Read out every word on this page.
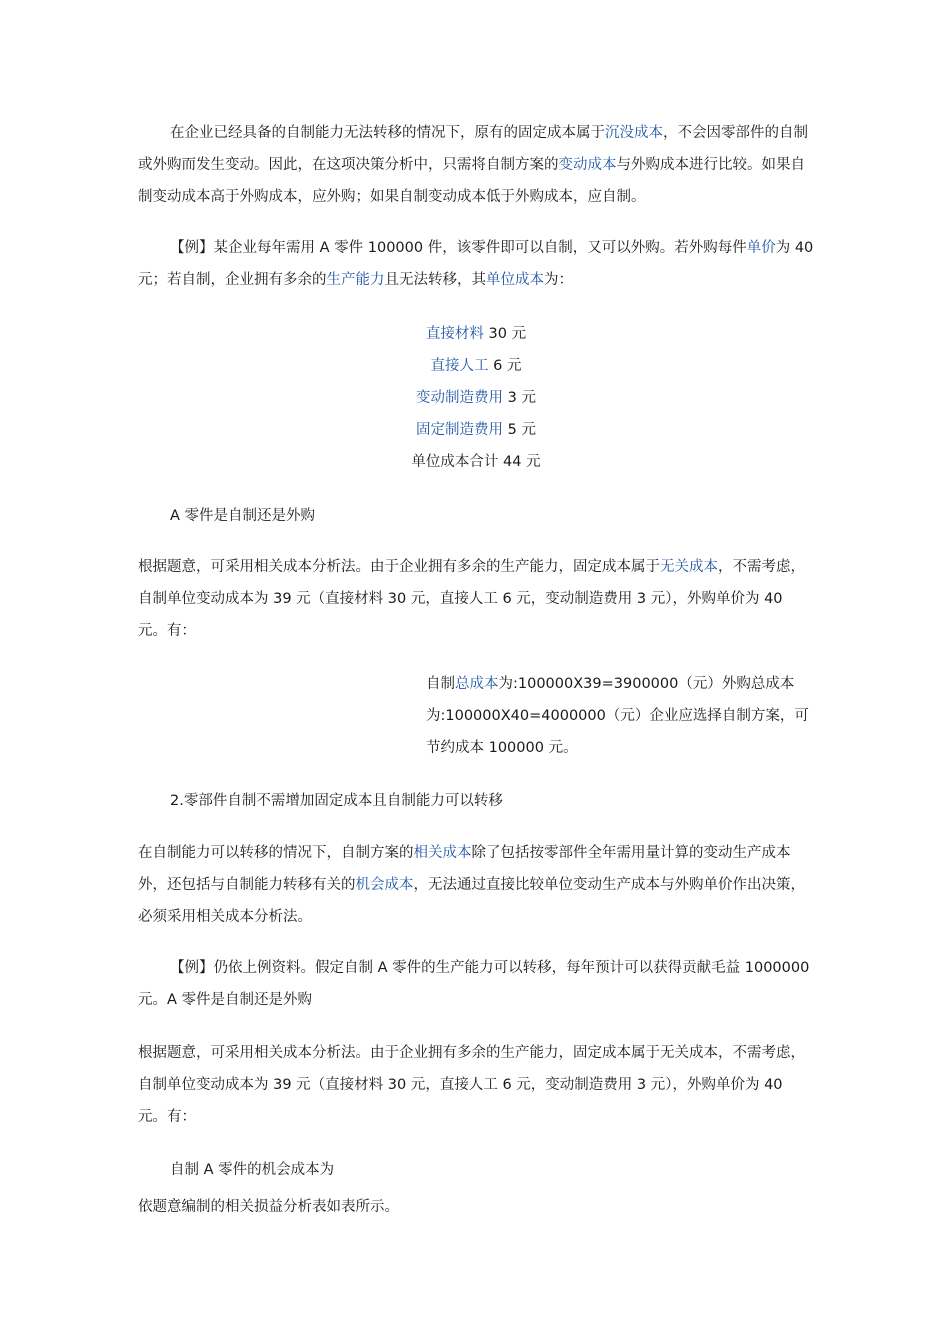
在企业已经具备的自制能力无法转移的情况下，原有的固定成本属于沉没成本，不会因零部件的自制或外购而发生变动。因此，在这项决策分析中，只需将自制方案的变动成本与外购成本进行比较。如果自制变动成本高于外购成本，应外购；如果自制变动成本低于外购成本，应自制。

【例】某企业每年需用 A 零件 100000 件，该零件即可以自制，又可以外购。若外购每件单价为 40 元；若自制，企业拥有多余的生产能力且无法转移，其单位成本为：

直接材料 30 元
直接人工 6 元
变动制造费用 3 元
固定制造费用 5 元
单位成本合计 44 元

A 零件是自制还是外购

根据题意，可采用相关成本分析法。由于企业拥有多余的生产能力，固定成本属于无关成本，不需考虑，自制单位变动成本为 39 元（直接材料 30 元，直接人工 6 元，变动制造费用 3 元），外购单价为 40 元。有：

自制总成本为:100000X39=3900000（元）外购总成本为:100000X40=4000000（元）企业应选择自制方案，可节约成本 100000 元。

2.零部件自制不需增加固定成本且自制能力可以转移

在自制能力可以转移的情况下，自制方案的相关成本除了包括按零部件全年需用量计算的变动生产成本外，还包括与自制能力转移有关的机会成本，无法通过直接比较单位变动生产成本与外购单价作出决策，必须采用相关成本分析法。

【例】仍依上例资料。假定自制 A 零件的生产能力可以转移，每年预计可以获得贡献毛益 1000000 元。A 零件是自制还是外购

根据题意，可采用相关成本分析法。由于企业拥有多余的生产能力，固定成本属于无关成本，不需考虑，自制单位变动成本为 39 元（直接材料 30 元，直接人工 6 元，变动制造费用 3 元），外购单价为 40 元。有：

自制 A 零件的机会成本为

依题意编制的相关损益分析表如表所示。
